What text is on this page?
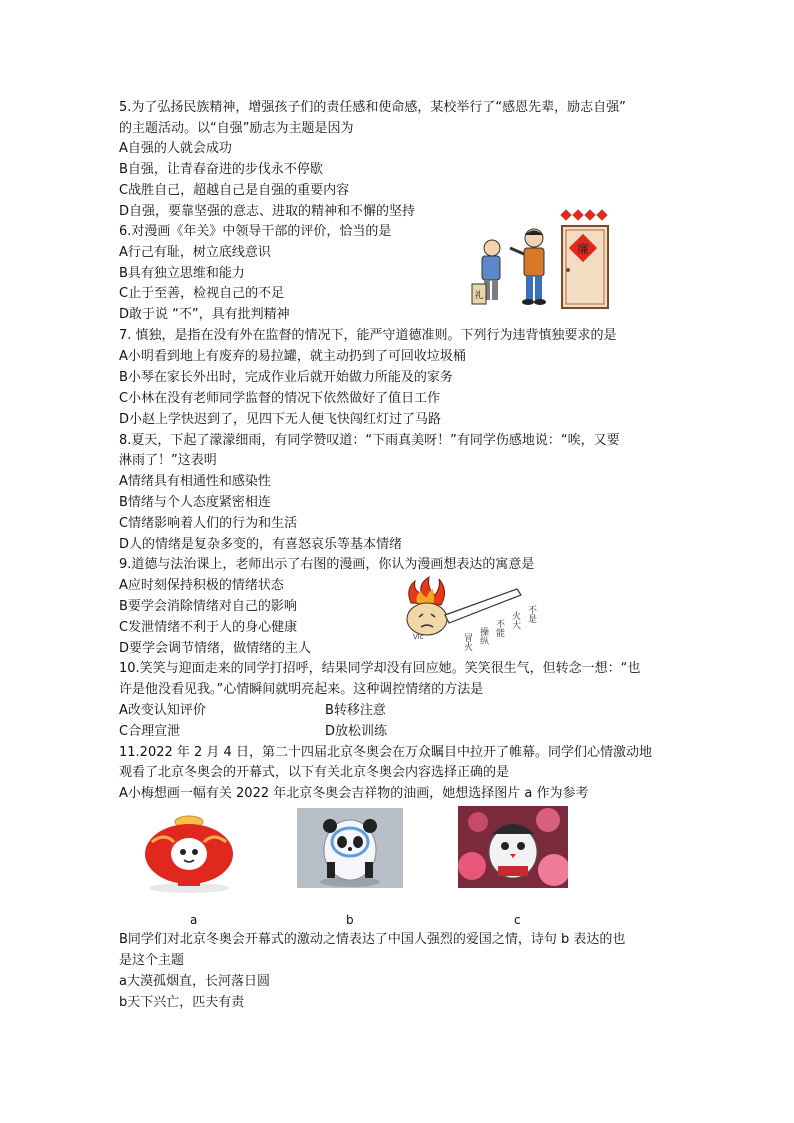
5.为了弘扬民族精神，增强孩子们的责任感和使命感，某校举行了“感恩先辈，励志自强”
的主题活动。以“自强”励志为主题是因为
A自强的人就会成功
B自强，让青春奋进的步伐永不停歇
C战胜自己，超越自己是自强的重要内容
D自强，要靠坚强的意志、进取的精神和不懈的坚持
6.对漫画《年关》中领导干部的评价，恰当的是
A行己有耻，树立底线意识
B具有独立思维和能力
C止于至善，检视自己的不足
D敢于说 “不”，具有批判精神
廉
礼
7. 慎独，是指在没有外在监督的情况下，能严守道德准则。下列行为违背慎独要求的是
A小明看到地上有废弃的易拉罐，就主动扔到了可回收垃圾桶
B小琴在家长外出时，完成作业后就开始做力所能及的家务
C小林在没有老师同学监督的情况下依然做好了值日工作
D小赵上学快迟到了，见四下无人便飞快闯红灯过了马路
8.夏天，下起了濛濛细雨，有同学赞叹道：“下雨真美呀！”有同学伤感地说：“唉，又要
淋雨了！”这表明
A情绪具有相通性和感染性
B情绪与个人态度紧密相连
C情绪影响着人们的行为和生活
D人的情绪是复杂多变的，有喜怒哀乐等基本情绪
9.道德与法治课上，老师出示了右图的漫画，你认为漫画想表达的寓意是
A应时刻保持积极的情绪状态
B要学会消除情绪对自己的影响
C发泄情绪不利于人的身心健康
D要学会调节情绪，做情绪的主人
Vlc	冒火 操纵 不能 火大 不是
10.笑笑与迎面走来的同学打招呼，结果同学却没有回应她。笑笑很生气，但转念一想：“也
许是他没看见我。”心情瞬间就明亮起来。这种调控情绪的方法是
A改变认知评价	B转移注意
C合理宣泄	D放松训练
11.2022 年 2 月 4 日，第二十四届北京冬奥会在万众瞩目中拉开了帷幕。同学们心情激动地
观看了北京冬奥会的开幕式，以下有关北京冬奥会内容选择正确的是
A小梅想画一幅有关 2022 年北京冬奥会吉祥物的油画，她想选择图片 a 作为参考
a	b	c
B同学们对北京冬奥会开幕式的激动之情表达了中国人强烈的爱国之情，诗句 b 表达的也
是这个主题
a大漠孤烟直，长河落日圆
b天下兴亡，匹夫有责
